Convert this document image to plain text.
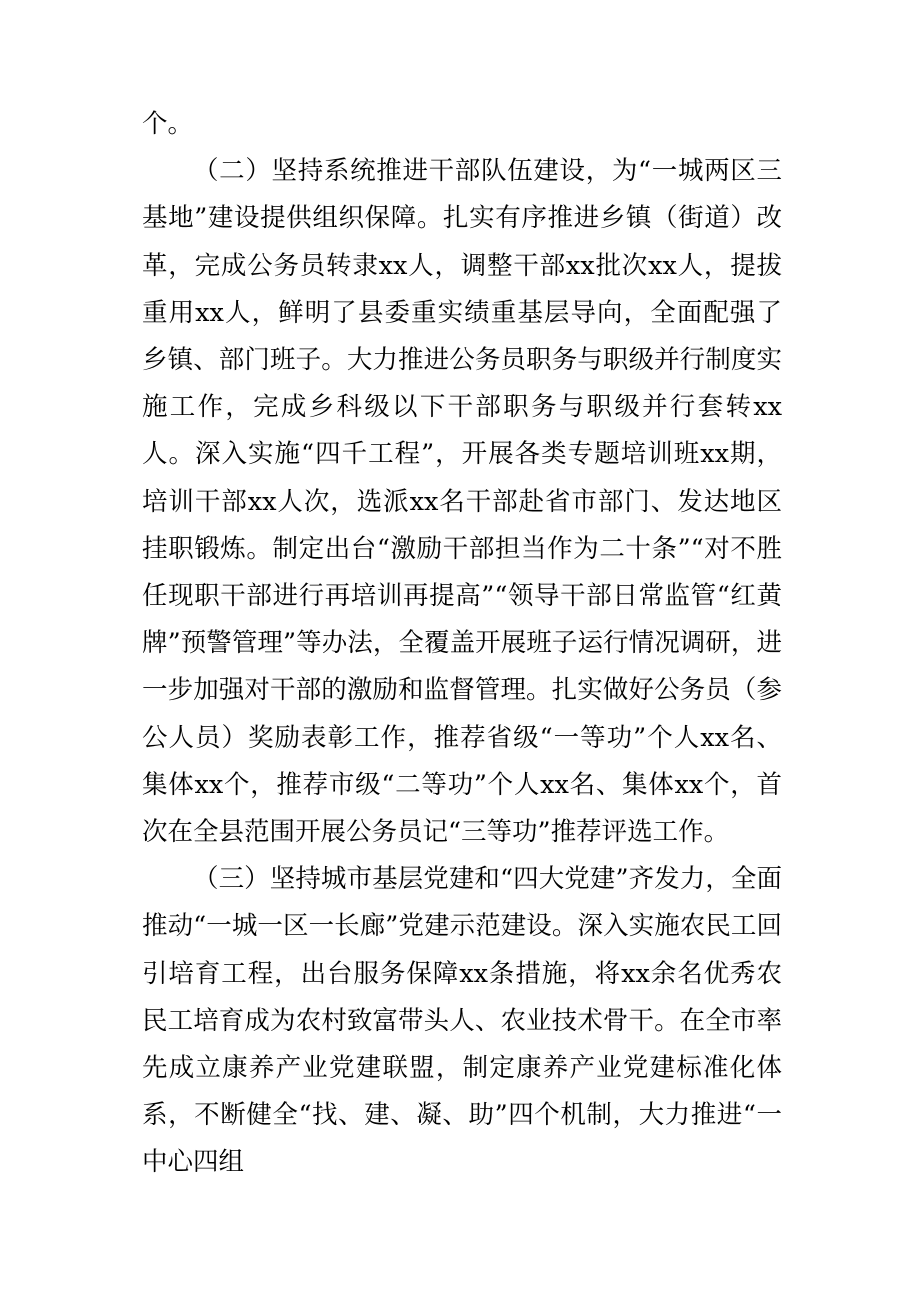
个。

（二）坚持系统推进干部队伍建设，为“一城两区三基地”建设提供组织保障。扎实有序推进乡镇（街道）改革，完成公务员转隶xx人，调整干部xx批次xx人，提拔重用xx人，鲜明了县委重实绩重基层导向，全面配强了乡镇、部门班子。大力推进公务员职务与职级并行制度实施工作，完成乡科级以下干部职务与职级并行套转xx人。深入实施“四千工程”，开展各类专题培训班xx期，培训干部xx人次，选派xx名干部赴省市部门、发达地区挂职锻炼。制定出台“激励干部担当作为二十条”“对不胜任现职干部进行再培训再提高”“领导干部日常监管“红黄牌”预警管理”等办法，全覆盖开展班子运行情况调研，进一步加强对干部的激励和监督管理。扎实做好公务员（参公人员）奖励表彰工作，推荐省级“一等功”个人xx名、集体xx个，推荐市级“二等功”个人xx名、集体xx个，首次在全县范围开展公务员记“三等功”推荐评选工作。

（三）坚持城市基层党建和“四大党建”齐发力，全面推动“一城一区一长廊”党建示范建设。深入实施农民工回引培育工程，出台服务保障xx条措施，将xx余名优秀农民工培育成为农村致富带头人、农业技术骨干。在全市率先成立康养产业党建联盟，制定康养产业党建标准化体系，不断健全“找、建、凝、助”四个机制，大力推进“一中心四组
